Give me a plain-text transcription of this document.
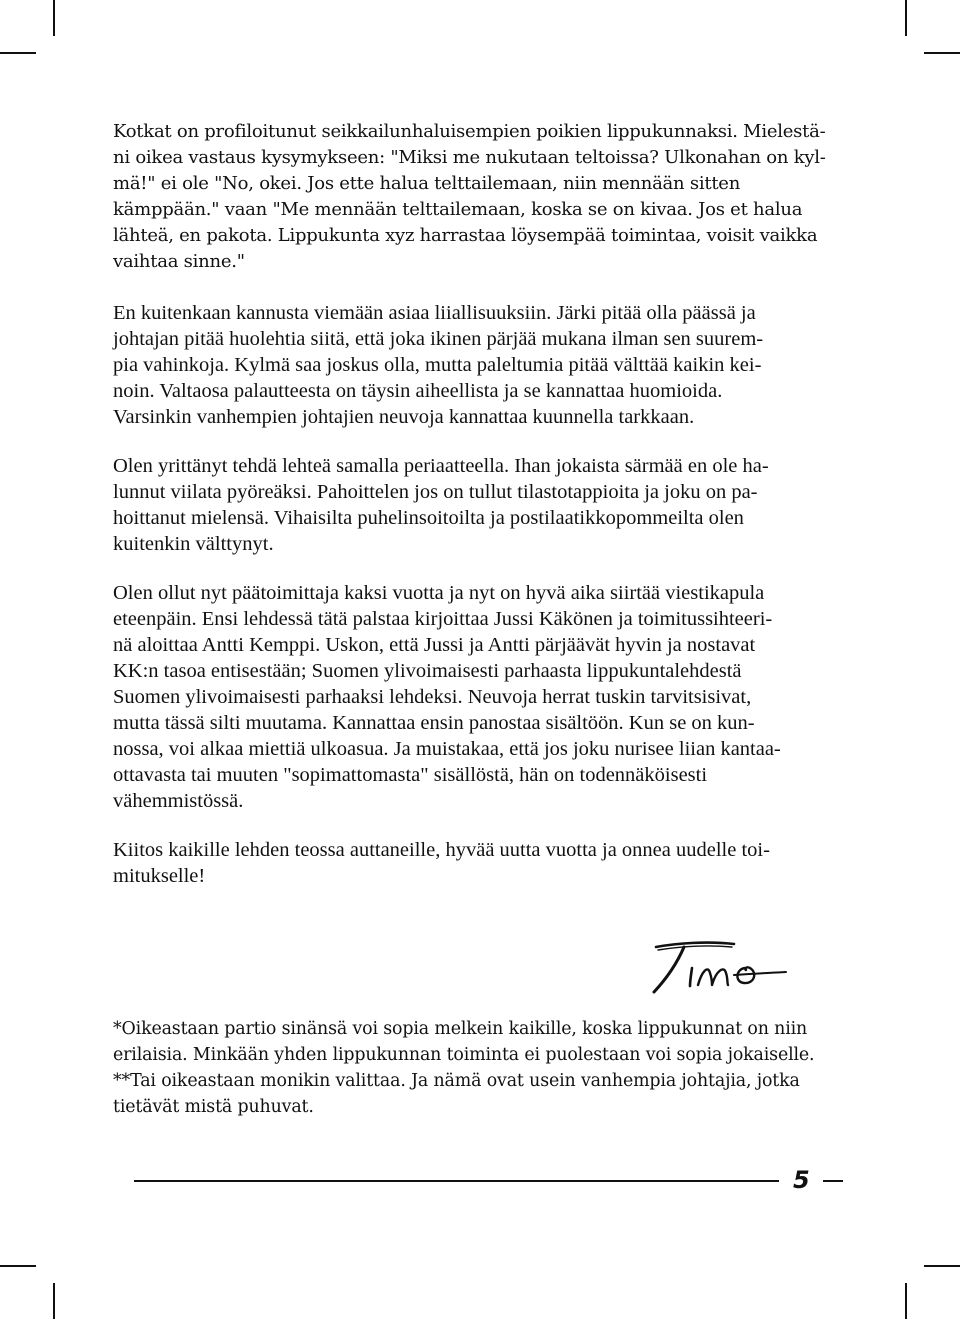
Kotkat on profiloitunut seikkailunhaluisempien poikien lippukunnaksi. Mielestä-
ni oikea vastaus kysymykseen: "Miksi me nukutaan teltoissa? Ulkonahan on kyl-
mä!" ei ole "No, okei. Jos ette halua telttailemaan, niin mennään sitten
kämppään." vaan "Me mennään telttailemaan, koska se on kivaa. Jos et halua
lähteä, en pakota. Lippukunta xyz harrastaa löysempää toimintaa, voisit vaikka
vaihtaa sinne."
En kuitenkaan kannusta viemään asiaa liiallisuuksiin. Järki pitää olla päässä ja
johtajan pitää huolehtia siitä, että joka ikinen pärjää mukana ilman sen suurem-
pia vahinkoja. Kylmä saa joskus olla, mutta paleltumia pitää välttää kaikin kei-
noin. Valtaosa palautteesta on täysin aiheellista ja se kannattaa huomioida.
Varsinkin vanhempien johtajien neuvoja kannattaa kuunnella tarkkaan.
Olen yrittänyt tehdä lehteä samalla periaatteella. Ihan jokaista särmää en ole ha-
lunnut viilata pyöreäksi. Pahoittelen jos on tullut tilastotappioita ja joku on pa-
hoittanut mielensä. Vihaisilta puhelinsoitoilta ja postilaatikkopommeilta olen
kuitenkin välttynyt.
Olen ollut nyt päätoimittaja kaksi vuotta ja nyt on hyvä aika siirtää viestikapula
eteenpäin. Ensi lehdessä tätä palstaa kirjoittaa Jussi Käkönen ja toimitussihteeri-
nä aloittaa Antti Kemppi. Uskon, että Jussi ja Antti pärjäävät hyvin ja nostavat
KK:n tasoa entisestään; Suomen ylivoimaisesti parhaasta lippukuntalehdestä
Suomen ylivoimaisesti parhaaksi lehdeksi. Neuvoja herrat tuskin tarvitsisivat,
mutta tässä silti muutama. Kannattaa ensin panostaa sisältöön. Kun se on kun-
nossa, voi alkaa miettiä ulkoasua. Ja muistakaa, että jos joku nurisee liian kantaa-
ottavasta tai muuten "sopimattomasta" sisällöstä, hän on todennäköisesti
vähemmistössä.
Kiitos kaikille lehden teossa auttaneille, hyvää uutta vuotta ja onnea uudelle toi-
mitukselle!
*Oikeastaan partio sinänsä voi sopia melkein kaikille, koska lippukunnat on niin
erilaisia. Minkään yhden lippukunnan toiminta ei puolestaan voi sopia jokaiselle.
**Tai oikeastaan monikin valittaa. Ja nämä ovat usein vanhempia johtajia, jotka
tietävät mistä puhuvat.
5
